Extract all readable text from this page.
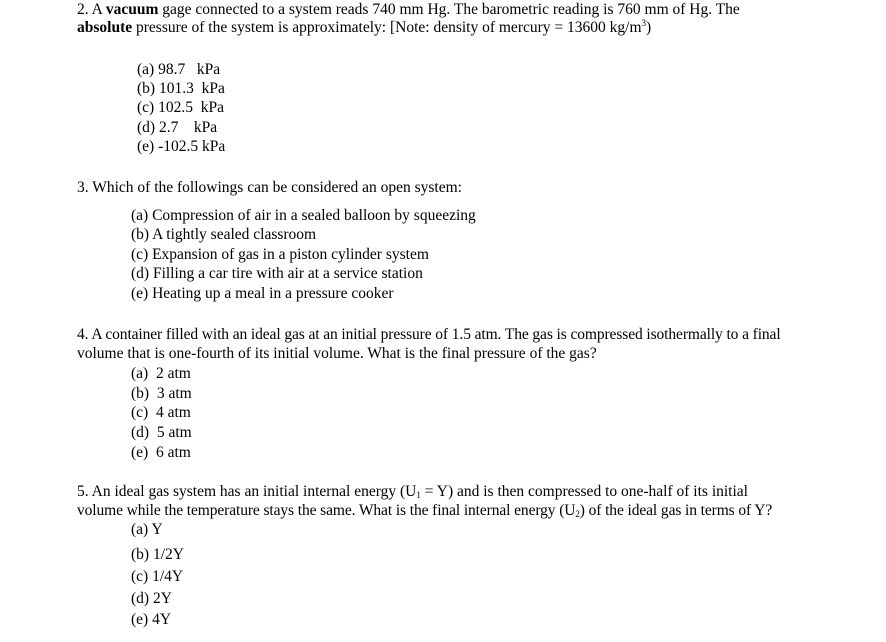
2. A vacuum gage connected to a system reads 740 mm Hg. The barometric reading is 760 mm of Hg. The
absolute pressure of the system is approximately: [Note: density of mercury = 13600 $kg/m^3$)
(a) 98.7   kPa
(b) 101.3  kPa
(c) 102.5  kPa
(d) 2.7    kPa
(e) -102.5 kPa
3. Which of the followings can be considered an open system:
(a) Compression of air in a sealed balloon by squeezing
(b) A tightly sealed classroom
(c) Expansion of gas in a piston cylinder system
(d) Filling a car tire with air at a service station
(e) Heating up a meal in a pressure cooker
4. A container filled with an ideal gas at an initial pressure of 1.5 atm. The gas is compressed isothermally to a final
volume that is one-fourth of its initial volume. What is the final pressure of the gas?
(a)  2 atm
(b)  3 atm
(c)  4 atm
(d)  5 atm
(e)  6 atm
5. An ideal gas system has an initial internal energy $(U_1 = Y)$ and is then compressed to one-half of its initial
volume while the temperature stays the same. What is the final internal energy $(U_2)$ of the ideal gas in terms of Y?
(a) Y
(b) 1/2Y
(c) 1/4Y
(d) 2Y
(e) 4Y
